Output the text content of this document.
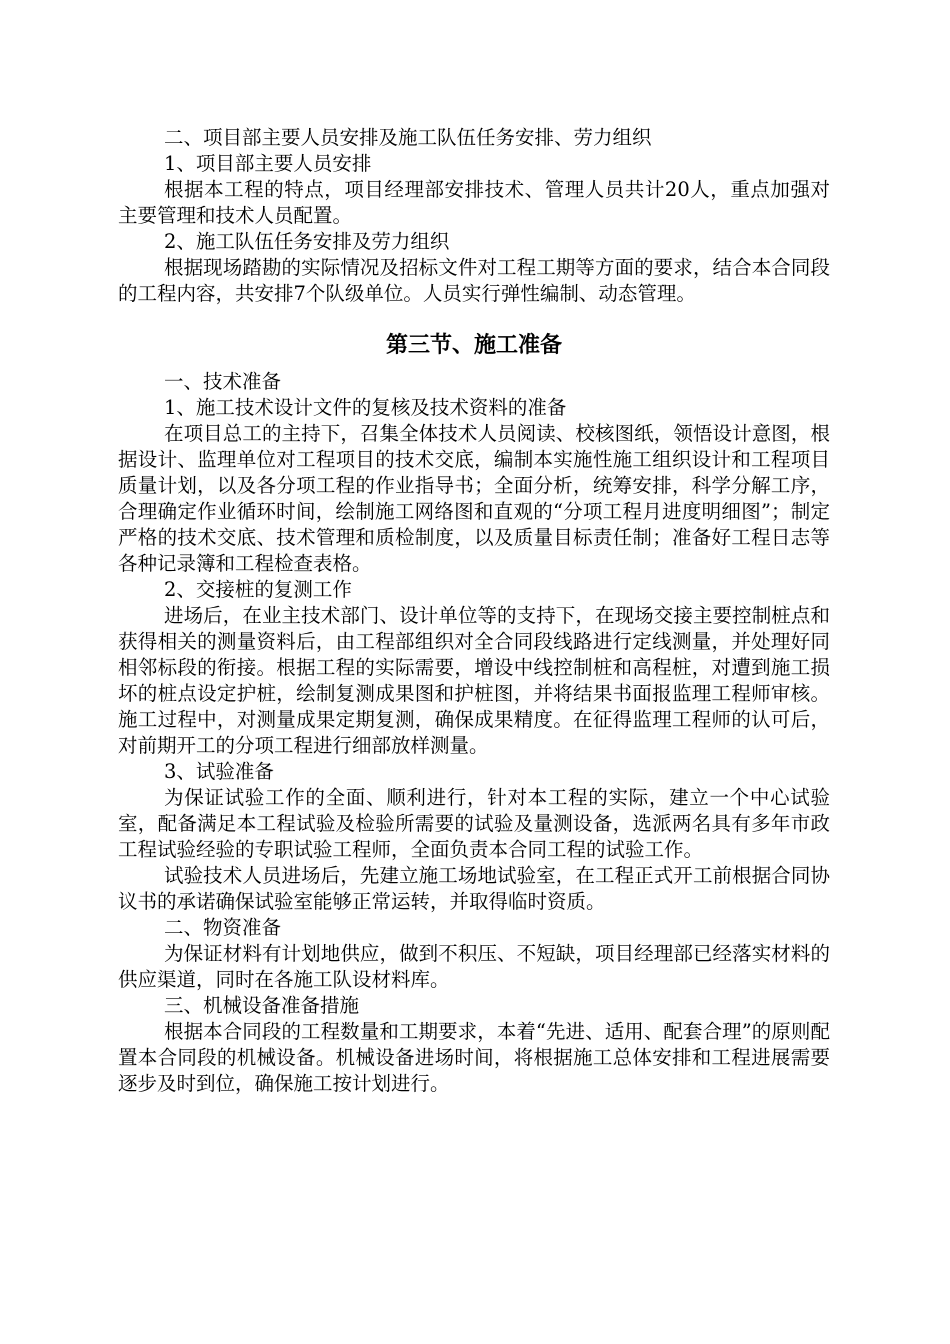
二、项目部主要人员安排及施工队伍任务安排、劳力组织

1、项目部主要人员安排

根据本工程的特点，项目经理部安排技术、管理人员共计20人，重点加强对主要管理和技术人员配置。

2、施工队伍任务安排及劳力组织

根据现场踏勘的实际情况及招标文件对工程工期等方面的要求，结合本合同段的工程内容，共安排7个队级单位。人员实行弹性编制、动态管理。

第三节、施工准备

一、技术准备

1、施工技术设计文件的复核及技术资料的准备

在项目总工的主持下，召集全体技术人员阅读、校核图纸，领悟设计意图，根据设计、监理单位对工程项目的技术交底，编制本实施性施工组织设计和工程项目质量计划，以及各分项工程的作业指导书；全面分析，统筹安排，科学分解工序，合理确定作业循环时间，绘制施工网络图和直观的“分项工程月进度明细图”；制定严格的技术交底、技术管理和质检制度，以及质量目标责任制；准备好工程日志等各种记录簿和工程检查表格。

2、交接桩的复测工作

进场后，在业主技术部门、设计单位等的支持下，在现场交接主要控制桩点和获得相关的测量资料后，由工程部组织对全合同段线路进行定线测量，并处理好同相邻标段的衔接。根据工程的实际需要，增设中线控制桩和高程桩，对遭到施工损坏的桩点设定护桩，绘制复测成果图和护桩图，并将结果书面报监理工程师审核。施工过程中，对测量成果定期复测，确保成果精度。在征得监理工程师的认可后，对前期开工的分项工程进行细部放样测量。

3、试验准备

为保证试验工作的全面、顺利进行，针对本工程的实际，建立一个中心试验室，配备满足本工程试验及检验所需要的试验及量测设备，选派两名具有多年市政工程试验经验的专职试验工程师，全面负责本合同工程的试验工作。

试验技术人员进场后，先建立施工场地试验室，在工程正式开工前根据合同协议书的承诺确保试验室能够正常运转，并取得临时资质。

二、物资准备

为保证材料有计划地供应，做到不积压、不短缺，项目经理部已经落实材料的供应渠道，同时在各施工队设材料库。

三、机械设备准备措施

根据本合同段的工程数量和工期要求，本着“先进、适用、配套合理”的原则配置本合同段的机械设备。机械设备进场时间，将根据施工总体安排和工程进展需要逐步及时到位，确保施工按计划进行。
